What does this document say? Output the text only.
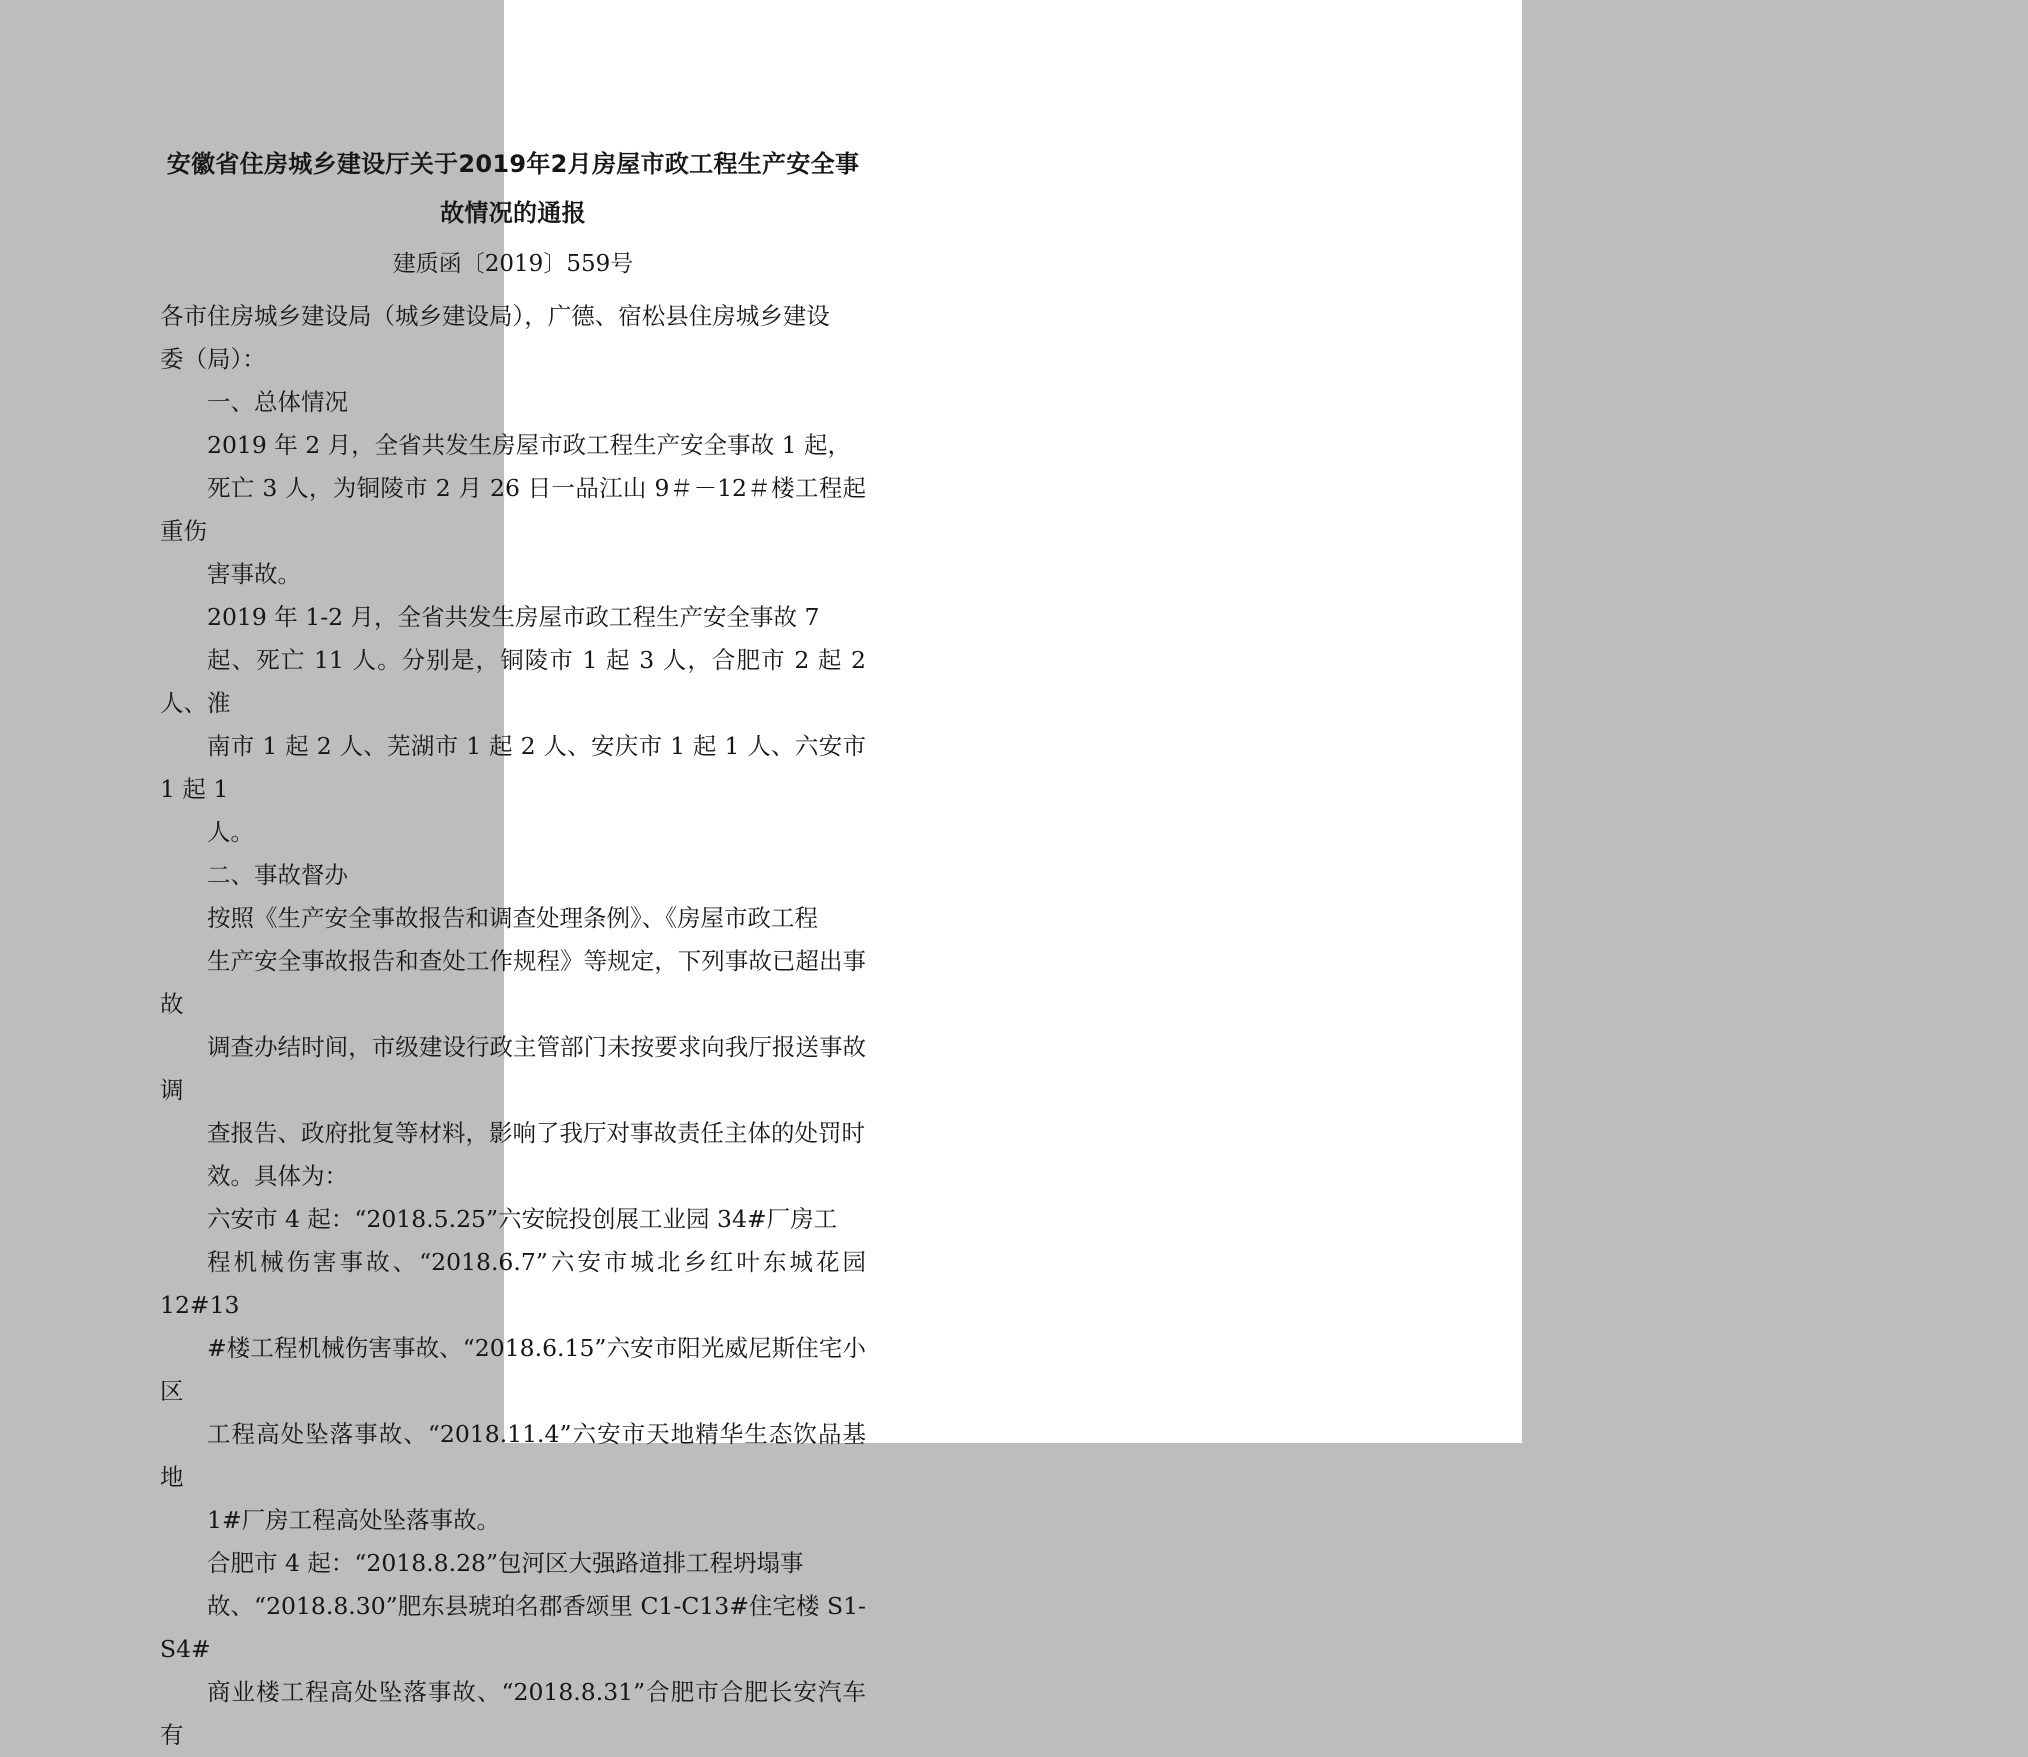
安徽省住房城乡建设厅关于2019年2月房屋市政工程生产安全事
故情况的通报
建质函〔2019〕559号

各市住房城乡建设局（城乡建设局），广德、宿松县住房城乡建设
委（局）：

一、总体情况

2019 年 2 月，全省共发生房屋市政工程生产安全事故 1 起，
死亡 3 人，为铜陵市 2 月 26 日一品江山 9＃－12＃楼工程起重伤
害事故。

2019 年 1-2 月，全省共发生房屋市政工程生产安全事故 7
起、死亡 11 人。分别是，铜陵市 1 起 3 人，合肥市 2 起 2 人、淮
南市 1 起 2 人、芜湖市 1 起 2 人、安庆市 1 起 1 人、六安市 1 起 1
人。

二、事故督办

按照《生产安全事故报告和调查处理条例》、《房屋市政工程
生产安全事故报告和查处工作规程》等规定，下列事故已超出事故
调查办结时间，市级建设行政主管部门未按要求向我厅报送事故调
查报告、政府批复等材料，影响了我厅对事故责任主体的处罚时
效。具体为：

六安市 4 起：“2018.5.25”六安皖投创展工业园 34#厂房工
程机械伤害事故、“2018.6.7”六安市城北乡红叶东城花园 12#13
#楼工程机械伤害事故、“2018.6.15”六安市阳光威尼斯住宅小区
工程高处坠落事故、“2018.11.4”六安市天地精华生态饮品基地
1#厂房工程高处坠落事故。

合肥市 4 起：“2018.8.28”包河区大强路道排工程坍塌事
故、“2018.8.30”肥东县琥珀名郡香颂里 C1-C13#住宅楼 S1-S4#
商业楼工程高处坠落事故、“2018.8.31”合肥市合肥长安汽车有
